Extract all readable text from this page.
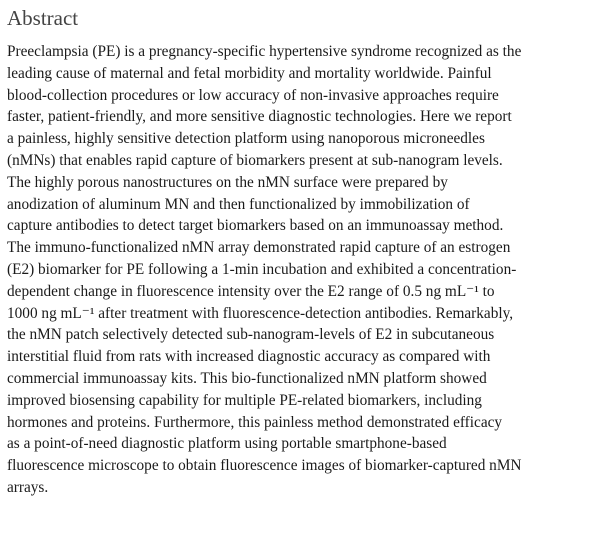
Abstract

Preeclampsia (PE) is a pregnancy-specific hypertensive syndrome recognized as the
leading cause of maternal and fetal morbidity and mortality worldwide. Painful
blood-collection procedures or low accuracy of non-invasive approaches require
faster, patient-friendly, and more sensitive diagnostic technologies. Here we report
a painless, highly sensitive detection platform using nanoporous microneedles
(nMNs) that enables rapid capture of biomarkers present at sub-nanogram levels.
The highly porous nanostructures on the nMN surface were prepared by
anodization of aluminum MN and then functionalized by immobilization of
capture antibodies to detect target biomarkers based on an immunoassay method.
The immuno-functionalized nMN array demonstrated rapid capture of an estrogen
(E2) biomarker for PE following a 1-min incubation and exhibited a concentration-
dependent change in fluorescence intensity over the E2 range of 0.5 ng mL⁻¹ to
1000 ng mL⁻¹ after treatment with fluorescence-detection antibodies. Remarkably,
the nMN patch selectively detected sub-nanogram-levels of E2 in subcutaneous
interstitial fluid from rats with increased diagnostic accuracy as compared with
commercial immunoassay kits. This bio-functionalized nMN platform showed
improved biosensing capability for multiple PE-related biomarkers, including
hormones and proteins. Furthermore, this painless method demonstrated efficacy
as a point-of-need diagnostic platform using portable smartphone-based
fluorescence microscope to obtain fluorescence images of biomarker-captured nMN
arrays.
